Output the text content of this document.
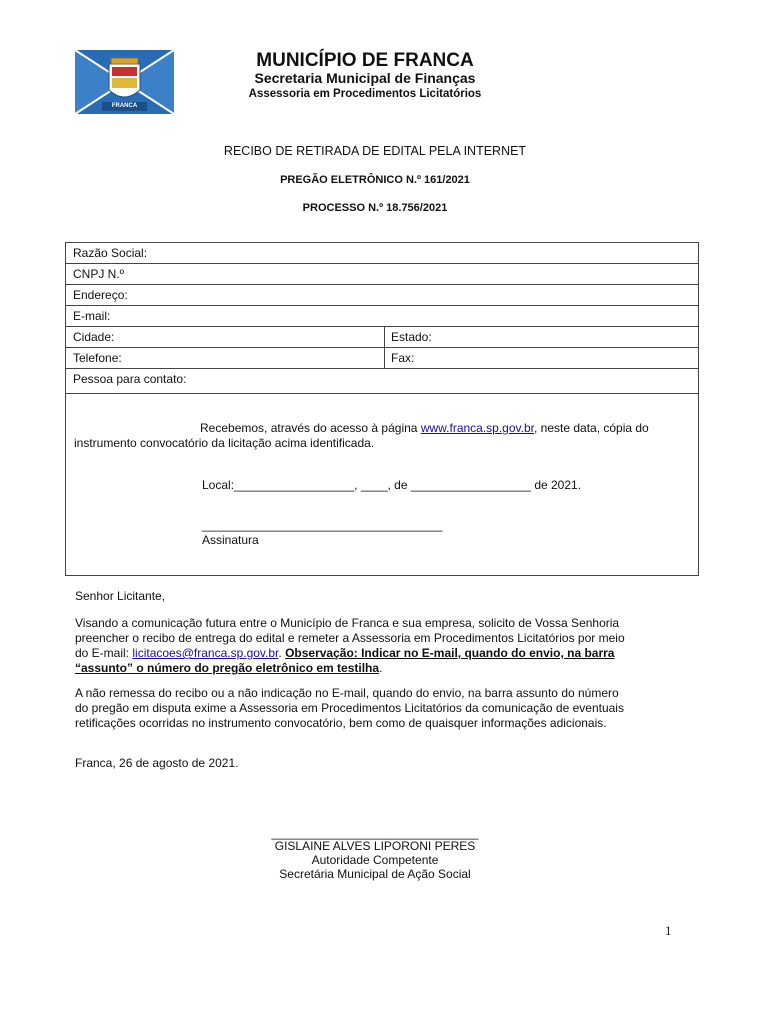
FRANCA
MUNICÍPIO DE FRANCA
Secretaria Municipal de Finanças
Assessoria em Procedimentos Licitatórios
RECIBO DE RETIRADA DE EDITAL PELA INTERNET
PREGÃO ELETRÔNICO N.º 161/2021
PROCESSO N.º 18.756/2021
Razão Social:
CNPJ N.º
Endereço:
E-mail:
Cidade:	Estado:
Telefone:	Fax:
Pessoa para contato:
Recebemos, através do acesso à página www.franca.sp.gov.br, neste data, cópia do
instrumento convocatório da licitação acima identificada.
Local:__________________, ____, de __________________ de 2021.
____________________________________
Assinatura
Senhor Licitante,
Visando a comunicação futura entre o Município de Franca e sua empresa, solicito de Vossa Senhoria
preencher o recibo de entrega do edital e remeter a Assessoria em Procedimentos Licitatórios por meio
do E-mail: licitacoes@franca.sp.gov.br. Observação: Indicar no E-mail, quando do envio, na barra
“assunto” o número do pregão eletrônico em testilha.
A não remessa do recibo ou a não indicação no E-mail, quando do envio, na barra assunto do número
do pregão em disputa exime a Assessoria em Procedimentos Licitatórios da comunicação de eventuais
retificações ocorridas no instrumento convocatório, bem como de quaisquer informações adicionais.
Franca, 26 de agosto de 2021.
_______________________________
GISLAINE ALVES LIPORONI PERES
Autoridade Competente
Secretária Municipal de Ação Social
1
